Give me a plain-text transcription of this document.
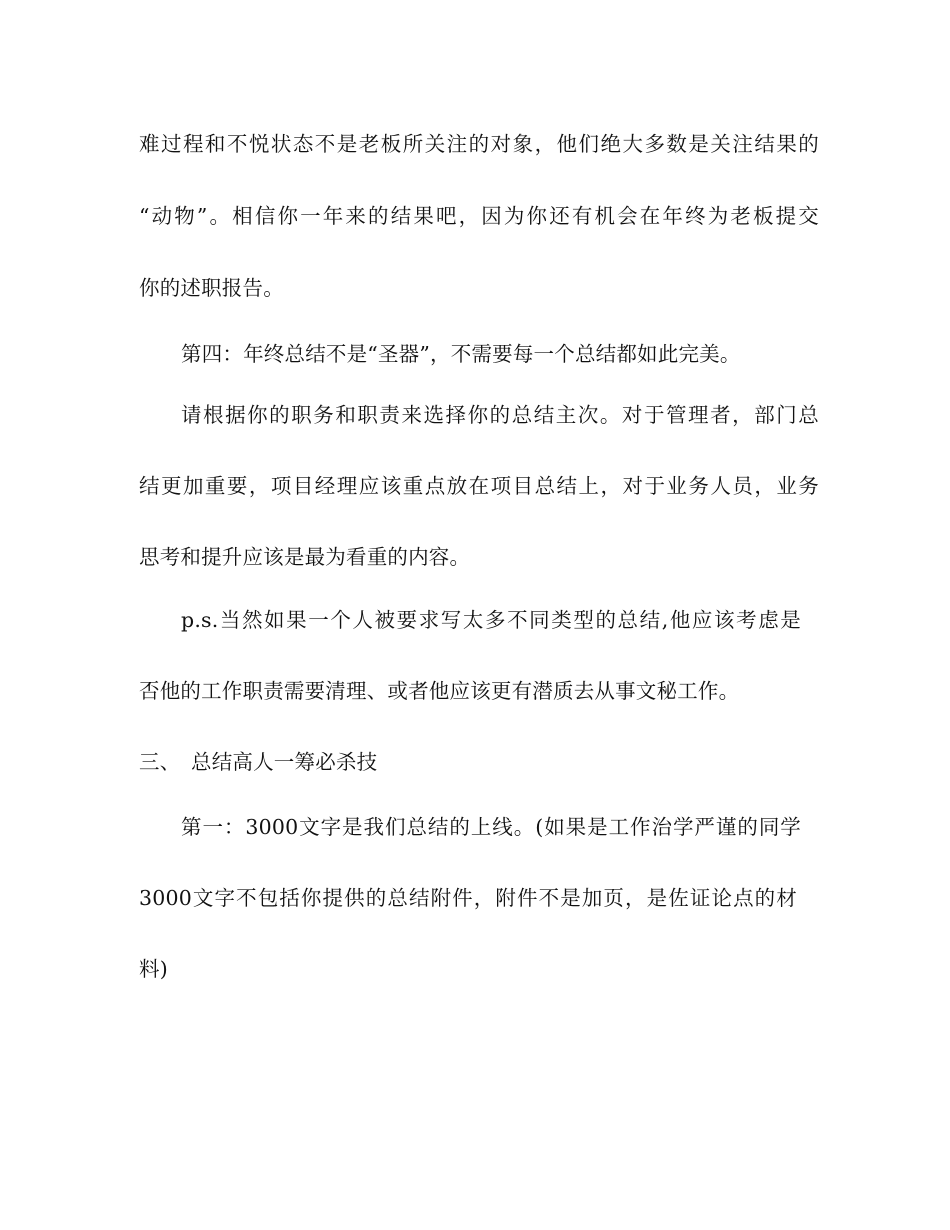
难过程和不悦状态不是老板所关注的对象，他们绝大多数是关注结果的
“动物”。相信你一年来的结果吧，因为你还有机会在年终为老板提交
你的述职报告。
第四：年终总结不是“圣器”，不需要每一个总结都如此完美。
请根据你的职务和职责来选择你的总结主次。对于管理者，部门总
结更加重要，项目经理应该重点放在项目总结上，对于业务人员，业务
思考和提升应该是最为看重的内容。
p.s.当然如果一个人被要求写太多不同类型的总结,他应该考虑是
否他的工作职责需要清理、或者他应该更有潜质去从事文秘工作。
三、 总结高人一筹必杀技
第一：3000文字是我们总结的上线。(如果是工作治学严谨的同学
3000文字不包括你提供的总结附件，附件不是加页，是佐证论点的材
料)
